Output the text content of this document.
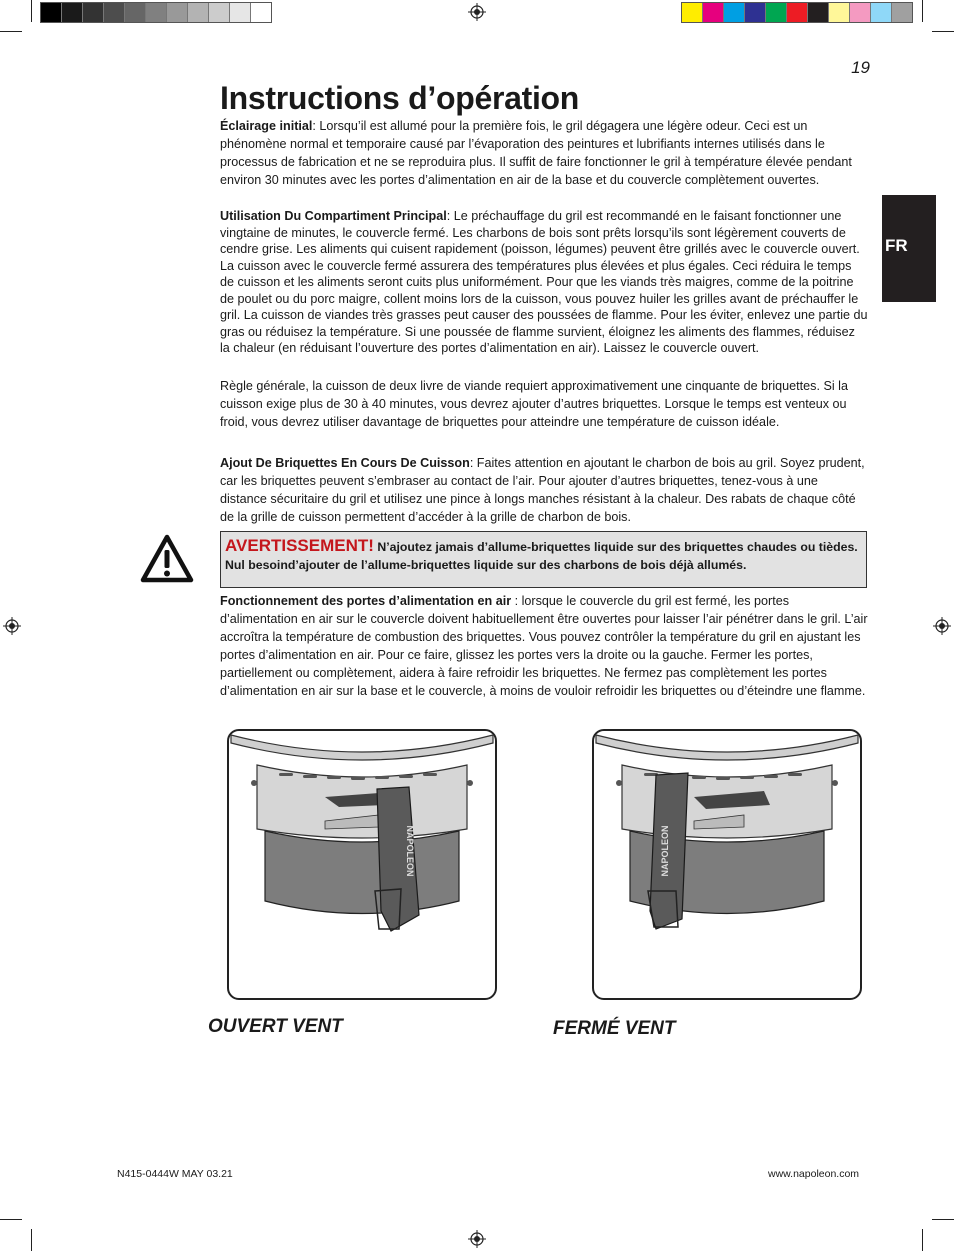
19
Instructions d’opération
FR

Éclairage initial: Lorsqu’il est allumé pour la première fois, le gril dégagera une légère odeur. Ceci est un phénomène normal et temporaire causé par l’évaporation des peintures et lubrifiants internes utilisés dans le processus de fabrication et ne se reproduira plus. Il suffit de faire fonctionner le gril à température élevée pendant environ 30 minutes avec les portes d’alimentation en air de la base et du couvercle complètement ouvertes.

Utilisation Du Compartiment Principal: Le préchauffage du gril est recommandé en le faisant fonctionner une vingtaine de minutes, le couvercle fermé. Les charbons de bois sont prêts lorsqu’ils sont légèrement couverts de cendre grise. Les aliments qui cuisent rapidement (poisson, légumes) peuvent être grillés avec le couvercle ouvert. La cuisson avec le couvercle fermé assurera des températures plus élevées et plus égales. Ceci réduira le temps de cuisson et les aliments seront cuits plus uniformément. Pour que les viands très maigres, comme de la poitrine de poulet ou du porc maigre, collent moins lors de la cuisson, vous pouvez huiler les grilles avant de préchauffer le gril. La cuisson de viandes très grasses peut causer des poussées de flamme. Pour les éviter, enlevez une partie du gras ou réduisez la température. Si une poussée de flamme survient, éloignez les aliments des flammes, réduisez la chaleur (en réduisant l’ouverture des portes d’alimentation en air). Laissez le couvercle ouvert.

Règle générale, la cuisson de deux livre de viande requiert approximativement une cinquante de briquettes. Si la cuisson exige plus de 30 à 40 minutes, vous devrez ajouter d’autres briquettes. Lorsque le temps est venteux ou froid, vous devrez utiliser davantage de briquettes pour atteindre une température de cuisson idéale.

Ajout De Briquettes En Cours De Cuisson: Faites attention en ajoutant le charbon de bois au gril. Soyez prudent, car les briquettes peuvent s’embraser au contact de l’air. Pour ajouter d’autres briquettes, tenez-vous à une distance sécuritaire du gril et utilisez une pince à longs manches résistant à la chaleur. Des rabats de chaque côté de la grille de cuisson permettent d’accéder à la grille de charbon de bois.

AVERTISSEMENT! N’ajoutez jamais d’allume-briquettes liquide sur des briquettes chaudes ou tièdes. Nul besoind’ajouter de l’allume-briquettes liquide sur des charbons de bois déjà allumés.

Fonctionnement des portes d’alimentation en air : lorsque le couvercle du gril est fermé, les portes d’alimentation en air sur le couvercle doivent habituellement être ouvertes pour laisser l’air pénétrer dans le gril. L’air accroîtra la température de combustion des briquettes. Vous pouvez contrôler la température du gril en ajustant les portes d’alimentation en air. Pour ce faire, glissez les portes vers la droite ou la gauche. Fermer les portes, partiellement ou complètement, aidera à faire refroidir les briquettes. Ne fermez pas complètement les portes d’alimentation en air sur la base et le couvercle, à moins de vouloir refroidir les briquettes ou d’éteindre une flamme.

NAPOLEON
OUVERT VENT
NAPOLEON
FERMÉ VENT
N415-0444W MAY 03.21	www.napoleon.com
